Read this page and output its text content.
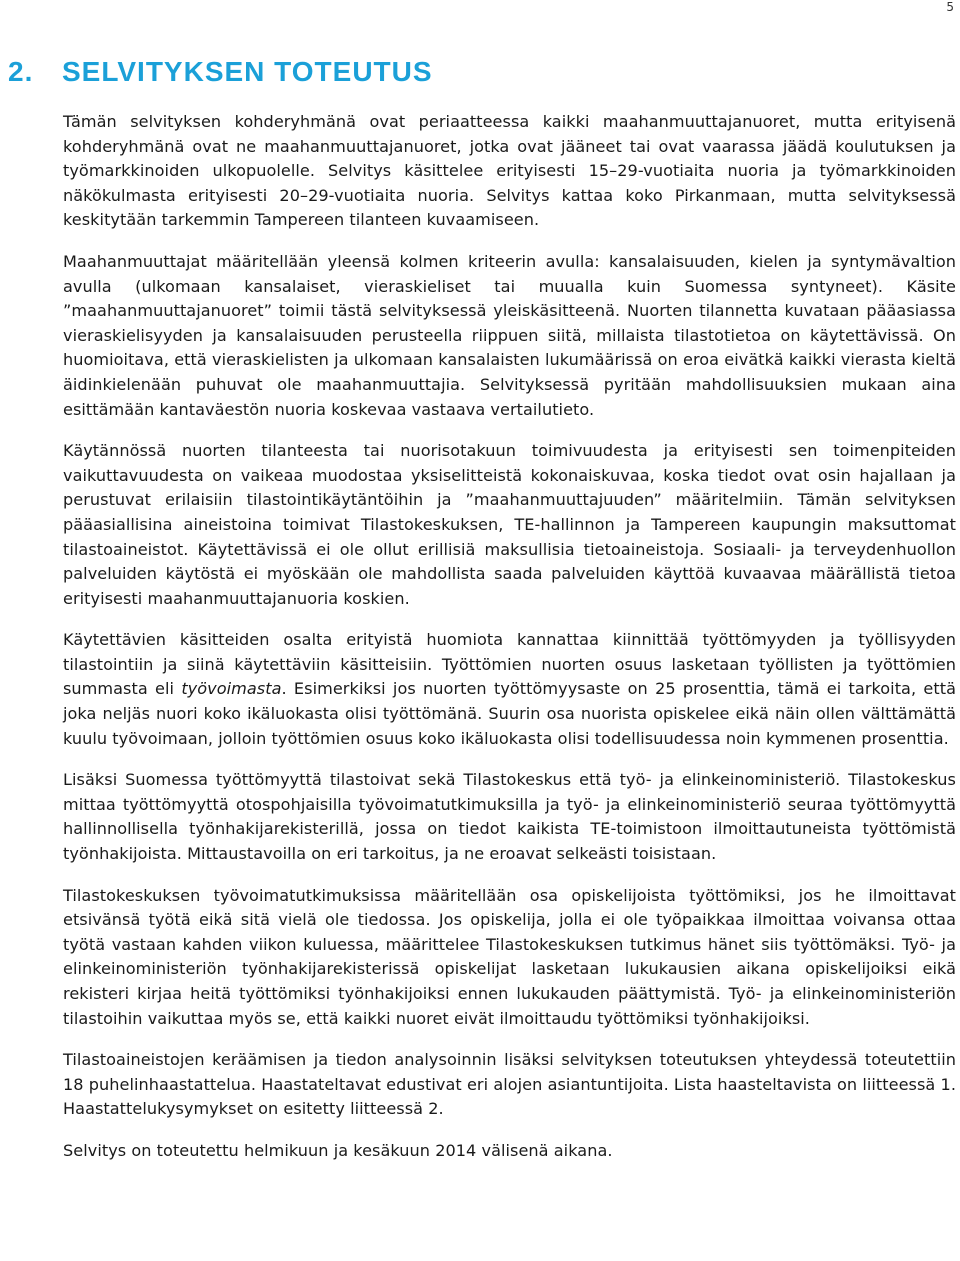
5
2. SELVITYKSEN TOTEUTUS

Tämän selvityksen kohderyhmänä ovat periaatteessa kaikki maahanmuuttajanuoret, mutta erityisenä kohderyhmänä ovat ne maahanmuuttajanuoret, jotka ovat jääneet tai ovat vaarassa jäädä koulutuksen ja työmarkkinoiden ulkopuolelle. Selvitys käsittelee erityisesti 15–29-vuotiaita nuoria ja työmarkkinoiden näkökulmasta erityisesti 20–29-vuotiaita nuoria. Selvitys kattaa koko Pirkanmaan, mutta selvityksessä keskitytään tarkemmin Tampereen tilanteen kuvaamiseen.

Maahanmuuttajat määritellään yleensä kolmen kriteerin avulla: kansalaisuuden, kielen ja syntymävaltion avulla (ulkomaan kansalaiset, vieraskieliset tai muualla kuin Suomessa syntyneet). Käsite ”maahanmuuttajanuoret” toimii tästä selvityksessä yleiskäsitteenä. Nuorten tilannetta kuvataan pääasiassa vieraskielisyyden ja kansalaisuuden perusteella riippuen siitä, millaista tilastotietoa on käytettävissä. On huomioitava, että vieraskielisten ja ulkomaan kansalaisten lukumäärissä on eroa eivätkä kaikki vierasta kieltä äidinkielenään puhuvat ole maahanmuuttajia. Selvityksessä pyritään mahdollisuuksien mukaan aina esittämään kantaväestön nuoria koskevaa vastaava vertailutieto.

Käytännössä nuorten tilanteesta tai nuorisotakuun toimivuudesta ja erityisesti sen toimenpiteiden vaikuttavuudesta on vaikeaa muodostaa yksiselitteistä kokonaiskuvaa, koska tiedot ovat osin hajallaan ja perustuvat erilaisiin tilastointikäytäntöihin ja ”maahanmuuttajuuden” määritelmiin. Tämän selvityksen pääasiallisina aineistoina toimivat Tilastokeskuksen, TE-hallinnon ja Tampereen kaupungin maksuttomat tilastoaineistot. Käytettävissä ei ole ollut erillisiä maksullisia tietoaineistoja. Sosiaali- ja terveydenhuollon palveluiden käytöstä ei myöskään ole mahdollista saada palveluiden käyttöä kuvaavaa määrällistä tietoa erityisesti maahanmuuttajanuoria koskien.

Käytettävien käsitteiden osalta erityistä huomiota kannattaa kiinnittää työttömyyden ja työllisyyden tilastointiin ja siinä käytettäviin käsitteisiin. Työttömien nuorten osuus lasketaan työllisten ja työttömien summasta eli työvoimasta. Esimerkiksi jos nuorten työttömyysaste on 25 prosenttia, tämä ei tarkoita, että joka neljäs nuori koko ikäluokasta olisi työttömänä. Suurin osa nuorista opiskelee eikä näin ollen välttämättä kuulu työvoimaan, jolloin työttömien osuus koko ikäluokasta olisi todellisuudessa noin kymmenen prosenttia.

Lisäksi Suomessa työttömyyttä tilastoivat sekä Tilastokeskus että työ- ja elinkeinoministeriö. Tilastokeskus mittaa työttömyyttä otospohjaisilla työvoimatutkimuksilla ja työ- ja elinkeinoministeriö seuraa työttömyyttä hallinnollisella työnhakijarekisterillä, jossa on tiedot kaikista TE-toimistoon ilmoittautuneista työttömistä työnhakijoista. Mittaustavoilla on eri tarkoitus, ja ne eroavat selkeästi toisistaan.

Tilastokeskuksen työvoimatutkimuksissa määritellään osa opiskelijoista työttömiksi, jos he ilmoittavat etsivänsä työtä eikä sitä vielä ole tiedossa. Jos opiskelija, jolla ei ole työpaikkaa ilmoittaa voivansa ottaa työtä vastaan kahden viikon kuluessa, määrittelee Tilastokeskuksen tutkimus hänet siis työttömäksi. Työ- ja elinkeinoministeriön työnhakijarekisterissä opiskelijat lasketaan lukukausien aikana opiskelijoiksi eikä rekisteri kirjaa heitä työttömiksi työnhakijoiksi ennen lukukauden päättymistä. Työ- ja elinkeinoministeriön tilastoihin vaikuttaa myös se, että kaikki nuoret eivät ilmoittaudu työttömiksi työnhakijoiksi.

Tilastoaineistojen keräämisen ja tiedon analysoinnin lisäksi selvityksen toteutuksen yhteydessä toteutettiin 18 puhelinhaastattelua. Haastateltavat edustivat eri alojen asiantuntijoita. Lista haasteltavista on liitteessä 1. Haastattelukysymykset on esitetty liitteessä 2.

Selvitys on toteutettu helmikuun ja kesäkuun 2014 välisenä aikana.
